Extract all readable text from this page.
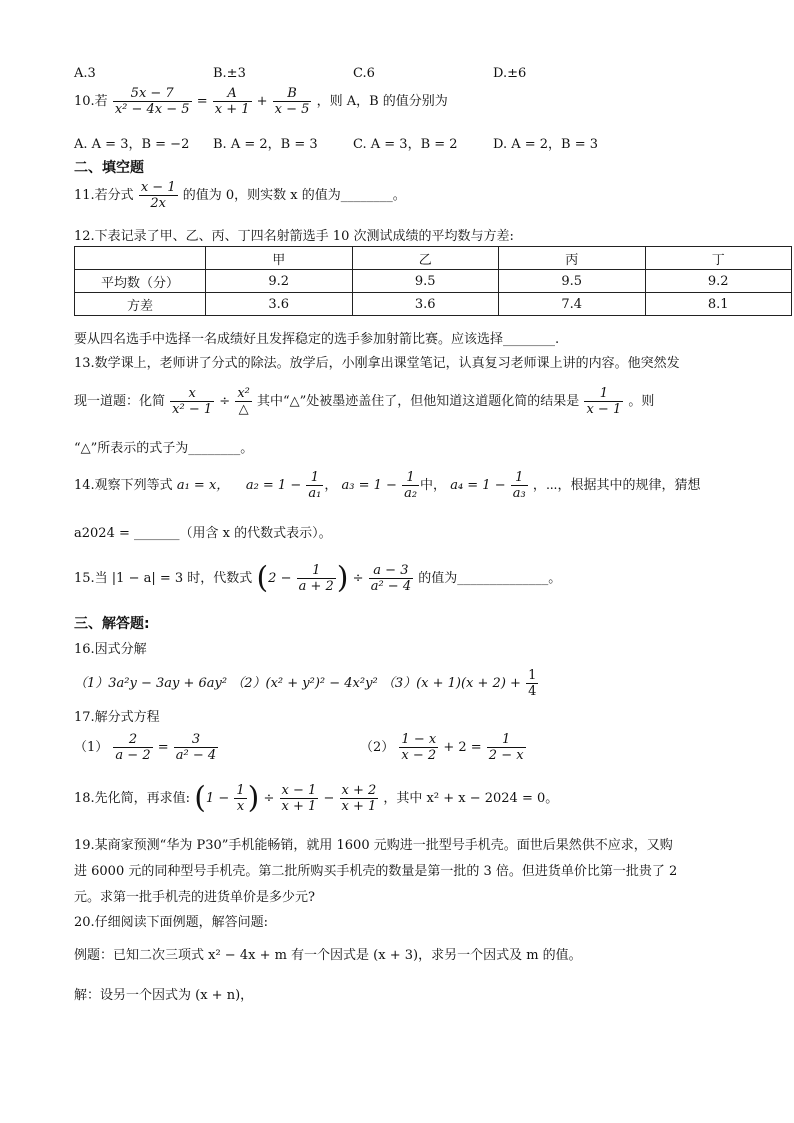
A.3	B.±3	C.6	D.±6
10.若 $\frac{5x - 7}{\text{x² − 4x − 5}} = \frac{A}{x + 1} + \frac{B}{x - 5}$ ，则 A，B 的值分别为
A. A = 3，B = −2 B. A = 2，B = 3	C. A = 3，B = 2	D. A = 2，B = 3
二、填空题
11.若分式 $\frac{x - 1}{2x}$ 的值为 0，则实数 x 的值为________。
12.下表记录了甲、乙、丙、丁四名射箭选手 10 次测试成绩的平均数与方差:
	甲	乙	丙	丁
平均数（分）	9.2	9.5	9.5	9.2
方差	3.6	3.6	7.4	8.1
要从四名选手中选择一名成绩好且发挥稳定的选手参加射箭比赛。应该选择________.
13.数学课上，老师讲了分式的除法。放学后，小刚拿出课堂笔记，认真复习老师课上讲的内容。他突然发
现一道题：化简 $\frac{x}{\text{x² − 1}} \div \frac{\text{x²}}{\triangle}$ 其中“△”处被墨迹盖住了，但他知道这道题化简的结果是 $\frac{1}{x - 1}$ 。则
“△”所表示的式子为________。
14.观察下列等式 a₁ = x， $a_2 = 1 - \frac{1}{\text{a₁}}$ ， $a_3 = 1 - \frac{1}{\text{a₂}}$ 中， $a_4 = 1 - \frac{1}{\text{a₃}}$ ，⋯，根据其中的规律，猜想
a2024 = _______（用含 x 的代数式表示）。
15.当 |1 − a| = 3 时，代数式 ($2 - \frac{1}{a + 2}$ ) ÷ $\frac{a - 3}{\text{a² − 4}}$ 的值为______________。
三、解答题:
16.因式分解
（1）3a²y − 3ay + 6ay² （2）(x² + y²)² − 4x²y² $(3)(x + 1)(x + 2) + \frac{1}{4}$
17.解分式方程
$(1) \frac{2}{a - 2} = \frac{3}{\text{a² − 4}}$	$(2) \frac{1 - x}{x - 2} + 2 = \frac{1}{2 - x}$
18.先化简，再求值: ($1 - \frac{1}{x}$ ) ÷ $\frac{x - 1}{x + 1} - \frac{x + 2}{x + 1}$ ，其中 x² + x − 2024 = 0。
19.某商家预测“华为 P30”手机能畅销，就用 1600 元购进一批型号手机壳。面世后果然供不应求，又购
进 6000 元的同种型号手机壳。第二批所购买手机壳的数量是第一批的 3 倍。但进货单价比第一批贵了 2
元。求第一批手机壳的进货单价是多少元?
20.仔细阅读下面例题，解答问题:
例题：已知二次三项式 x² − 4x + m 有一个因式是 (x + 3)，求另一个因式及 m 的值。
解：设另一个因式为 (x + n)，
